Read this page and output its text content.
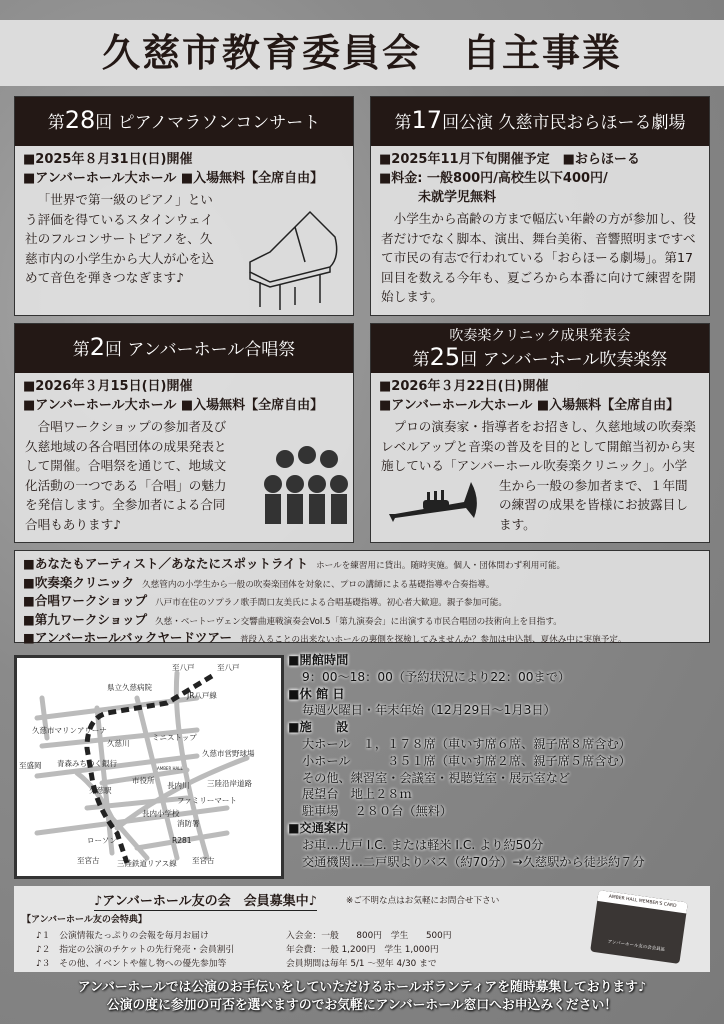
久慈市教育委員会　自主事業
第28回 ピアノマラソンコンサート
■ 2025年８月31日(日)開催
■ アンバーホール大ホール ■入場無料【全席自由】
「世界で第一級のピアノ」という評価を得ているスタインウェイ社のフルコンサートピアノを、久慈市内の小学生から大人が心を込めて音色を弾きつなぎます♪
第17回公演 久慈市民おらほーる劇場
■ 2025年11月下旬開催予定　■おらほーる
■ 料金: 一般800円/高校生以下400円/
　　　未就学児無料
小学生から高齢の方まで幅広い年齢の方が参加し、役者だけでなく脚本、演出、舞台美術、音響照明まですべて市民の有志で行われている「おらほーる劇場」。第17回目を数える今年も、夏ごろから本番に向けて練習を開始します。
第2回 アンバーホール合唱祭
■ 2026年３月15日(日)開催
■ アンバーホール大ホール ■入場無料【全席自由】
合唱ワークショップの参加者及び久慈地域の各合唱団体の成果発表として開催。合唱祭を通じて、地域文化活動の一つである「合唱」の魅力を発信します。全参加者による合同合唱もあります♪
吹奏楽クリニック成果発表会
第25回 アンバーホール吹奏楽祭
■ 2026年３月22日(日)開催
■ アンバーホール大ホール ■入場無料【全席自由】
プロの演奏家・指導者をお招きし、久慈地域の吹奏楽レベルアップと音楽の普及を目的として開館当初から実施している「アンバーホール吹奏楽クリニック」。小学生から一般の参加者まで、１年間の練習の成果を皆様にお披露目します。
■ あなたもアーティスト／あなたにスポットライト ホールを練習用に貸出。随時実施。個人・団体問わず利用可能。
■ 吹奏楽クリニック 久慈管内の小学生から一般の吹奏楽団体を対象に、プロの講師による基礎指導や合奏指導。
■ 合唱ワークショップ 八戸市在住のソプラノ歌手間口友美氏による合唱基礎指導。初心者大歓迎。親子参加可能。
■ 第九ワークショップ 久慈・ベートーヴェン交響曲連戦演奏会Vol.5「第九演奏会」に出演する市民合唱団の技術向上を目指す。
■ アンバーホールバックヤードツアー 普段入ることの出来ないホールの裏側を探検してみませんか？参加は申込制、夏休み中に実施予定。
至八戸	至八戸
県立久慈病院
JR八戸線
久慈市マリンアリーナ
ミニストップ
久慈川
久慈市営野球場
至盛岡 青森みちのく銀行
久慈駅
市役所
長内川 三陸沿岸道路
ファミリーマート
長内小学校
消防署
ローソン	R281
至宮古 三陸鉄道リアス線 至宮古
AMBER HALL
■ 開館時間
9：00～18：00（予約状況により22：00まで）
■ 休 館 日
毎週火曜日・年末年始（12月29日～1月3日）
■ 施　　設
大ホール　１，１７８席（車いす席６席、親子席８席含む）
小ホール　　　３５１席（車いす席２席、親子席５席含む）
その他、練習室・会議室・視聴覚室・展示室など
展望台　地上２８ｍ
駐車場　 ２８０台（無料）
■ 交通案内
お車…九戸 I.C. または軽米 I.C. より約50分
交通機関…二戸駅よりバス（約70分）→久慈駅から徒歩約７分
♪アンバーホール友の会　会員募集中♪	※ご不明な点はお気軽にお問合せ下さい
【アンバーホール友の会特典】
♪１　公演情報たっぷりの会報を毎月お届け	入会金：一般　　800円　学生　　500円
♪２　指定の公演のチケットの先行発売・会員割引	年会費：一般 1,200円　学生 1,000円
♪３　その他、イベントや催し物への優先参加等	会員期間は毎年 5/1 ～翌年 4/30 まで
AMBER HALL MEMBER'S CARD
アンバーホール友の会会員証
アンバーホールでは公演のお手伝いをしていただけるホールボランティアを随時募集しております♪
公演の度に参加の可否を選べますのでお気軽にアンバーホール窓口へお申込みください！
